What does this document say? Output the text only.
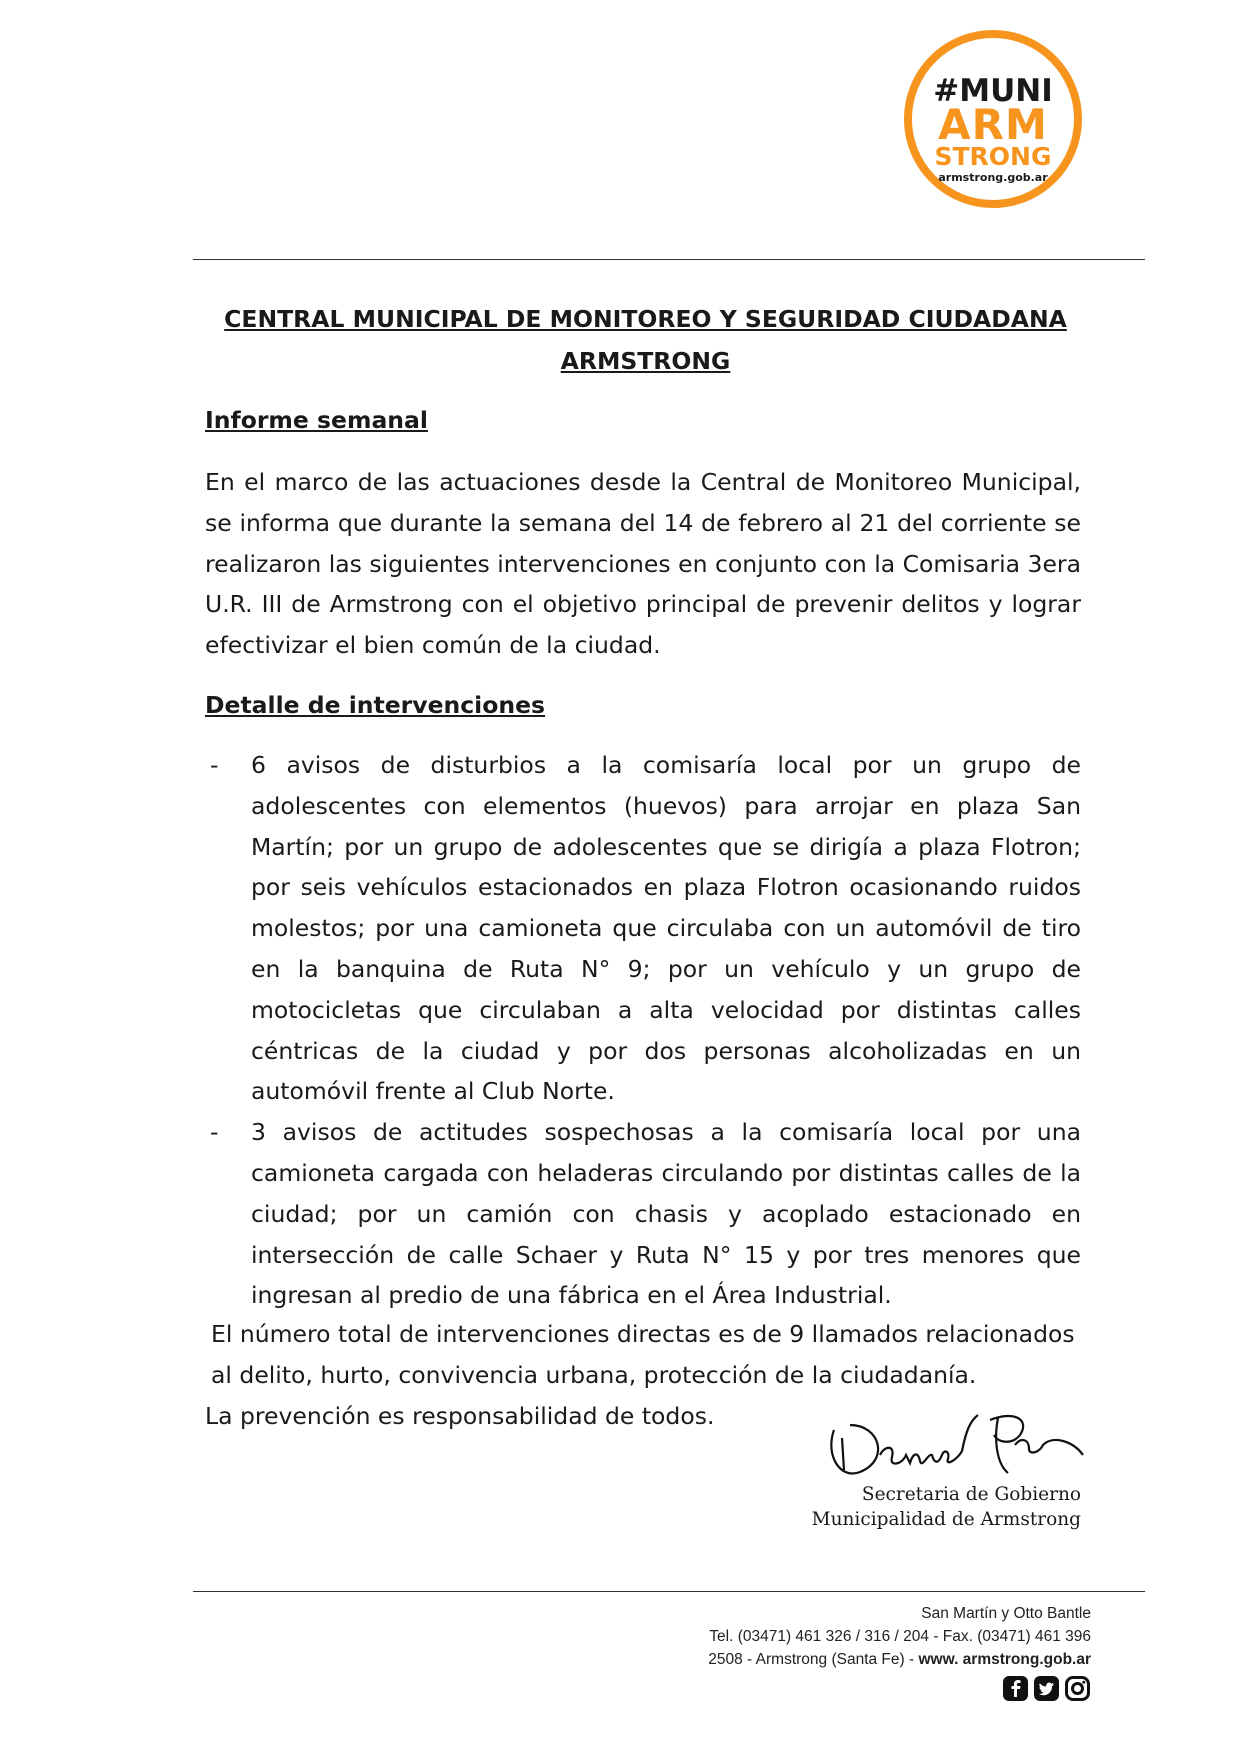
#MUNI
ARM
STRONG
armstrong.gob.ar
CENTRAL MUNICIPAL DE MONITOREO Y SEGURIDAD CIUDADANA
ARMSTRONG
Informe semanal
En el marco de las actuaciones desde la Central de Monitoreo Municipal, se informa que durante la semana del 14 de febrero al 21 del corriente se realizaron las siguientes intervenciones en conjunto con la Comisaria 3era U.R. III de Armstrong con el objetivo principal de prevenir delitos y lograr efectivizar el bien común de la ciudad.
Detalle de intervenciones
- 6 avisos de disturbios a la comisaría local por un grupo de adolescentes con elementos (huevos) para arrojar en plaza San Martín; por un grupo de adolescentes que se dirigía a plaza Flotron; por seis vehículos estacionados en plaza Flotron ocasionando ruidos molestos; por una camioneta que circulaba con un automóvil de tiro en la banquina de Ruta N° 9; por un vehículo y un grupo de motocicletas que circulaban a alta velocidad por distintas calles céntricas de la ciudad y por dos personas alcoholizadas en un automóvil frente al Club Norte.
- 3 avisos de actitudes sospechosas a la comisaría local por una camioneta cargada con heladeras circulando por distintas calles de la ciudad; por un camión con chasis y acoplado estacionado en intersección de calle Schaer y Ruta N° 15 y por tres menores que ingresan al predio de una fábrica en el Área Industrial.
El número total de intervenciones directas es de 9 llamados relacionados al delito, hurto, convivencia urbana, protección de la ciudadanía.
La prevención es responsabilidad de todos.
Secretaria de Gobierno
Municipalidad de Armstrong
San Martín y Otto Bantle
Tel. (03471) 461 326 / 316 / 204 - Fax. (03471) 461 396
2508 - Armstrong (Santa Fe) - www. armstrong.gob.ar
